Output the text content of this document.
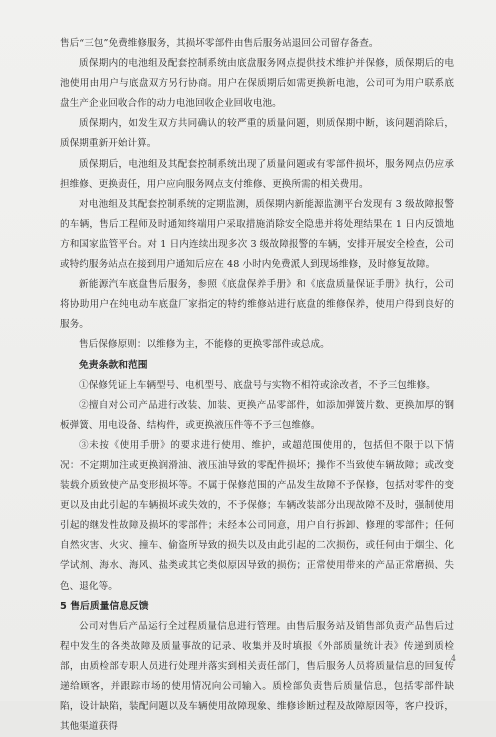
售后“三包”免费维修服务，其损坏零部件由售后服务站退回公司留存备查。

质保期内的电池组及配套控制系统由底盘服务网点提供技术维护并保修，质保期后的电池使用由用户与底盘双方另行协商。用户在保质期后如需更换新电池，公司可为用户联系底盘生产企业回收合作的动力电池回收企业回收电池。

质保期内，如发生双方共同确认的较严重的质量问题，则质保期中断，该问题消除后，质保期重新开始计算。

质保期后，电池组及其配套控制系统出现了质量问题或有零部件损坏，服务网点仍应承担维修、更换责任，用户应向服务网点支付维修、更换所需的相关费用。

对电池组及其配套控制系统的定期监测，质保期内新能源监测平台发现有 3 级故障报警的车辆，售后工程师及时通知终端用户采取措施消除安全隐患并将处理结果在 1 日内反馈地方和国家监管平台。对 1 日内连续出现多次 3 级故障报警的车辆，安排开展安全检查，公司或特约服务站点在接到用户通知后应在 48 小时内免费派人到现场维修，及时修复故障。

新能源汽车底盘售后服务，参照《底盘保养手册》和《底盘质量保证手册》执行，公司将协助用户在纯电动车底盘厂家指定的特约维修站进行底盘的维修保养，使用户得到良好的服务。

售后保修原则：以维修为主，不能修的更换零部件或总成。

免责条款和范围

①保修凭证上车辆型号、电机型号、底盘号与实物不相符或涂改者，不予三包维修。

②擅自对公司产品进行改装、加装、更换产品零部件，如添加弹簧片数、更换加厚的钢板弹簧、用电设备、结构件，或更换液压件等不予三包维修。

③未按《使用手册》的要求进行使用、维护，或超范围使用的，包括但不限于以下情况：不定期加注或更换润滑油、液压油导致的零配件损坏；操作不当致使车辆故障；或改变装载介质致使产品变形损坏等。不属于保修范围的产品发生故障不予保修，包括对零件的变更以及由此引起的车辆损坏或失效的，不予保修；车辆改装部分出现故障不及时，强制使用引起的继发性故障及损坏的零部件；未经本公司同意，用户自行拆卸、修理的零部件；任何自然灾害、火灾、撞车、偷盗所导致的损失以及由此引起的二次损伤，或任何由于烟尘、化学试剂、海水、海风、盐类或其它类似原因导致的损伤；正常使用带来的产品正常磨损、失色、退化等。

5 售后质量信息反馈

公司对售后产品运行全过程质量信息进行管理。由售后服务站及销售部负责产品售后过程中发生的各类故障及质量事故的记录、收集并及时填报《外部质量统计表》传递到质检部，由质检部专职人员进行处理并落实到相关责任部门，售后服务人员将质量信息的回复传递给顾客，并跟踪市场的使用情况向公司输入。质检部负责售后质量信息，包括零部件缺陷，设计缺陷，装配问题以及车辆使用故障现象、维修诊断过程及故障原因等，客户投诉，其他渠道获得

4
